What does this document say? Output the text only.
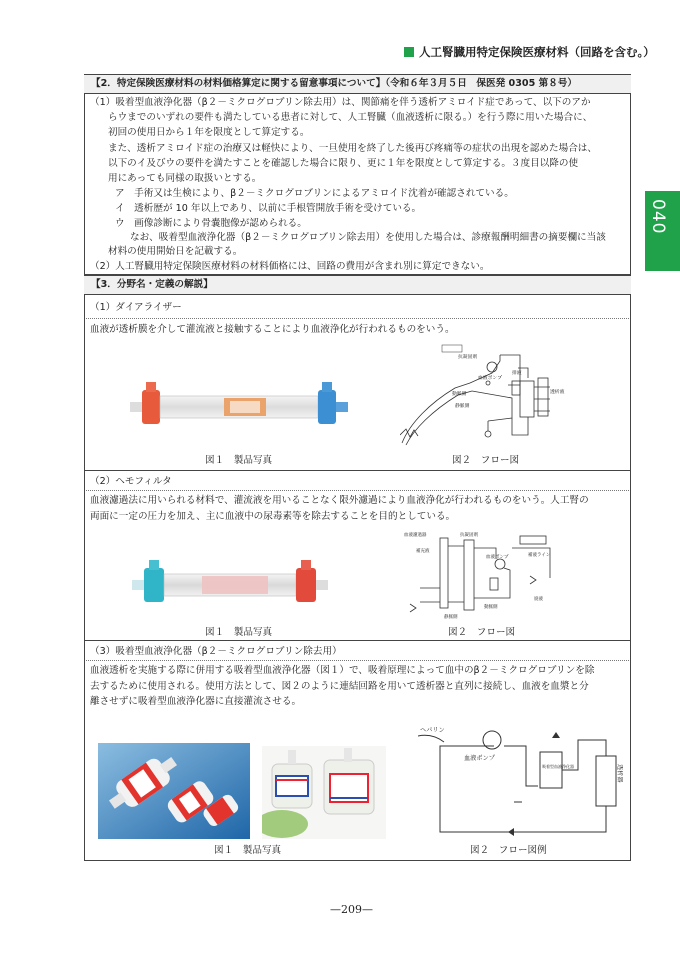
人工腎臓用特定保険医療材料（回路を含む。）
040
【2．特定保険医療材料の材料価格算定に関する留意事項について】（令和６年３月５日　保医発 0305 第８号）
（1）吸着型血液浄化器（β２－ミクログロブリン除去用）は、関節痛を伴う透析アミロイド症であって、以下のアか
らウまでのいずれの要件も満たしている患者に対して、人工腎臓（血液透析に限る。）を行う際に用いた場合に、
初回の使用日から１年を限度として算定する。
また、透析アミロイド症の治療又は軽快により、一旦使用を終了した後再び疼痛等の症状の出現を認めた場合は、
以下のイ及びウの要件を満たすことを確認した場合に限り、更に１年を限度として算定する。３度目以降の使
用にあっても同様の取扱いとする。
ア　手術又は生検により、β２－ミクログロブリンによるアミロイド沈着が確認されている。
イ　透析歴が 10 年以上であり、以前に手根管開放手術を受けている。
ウ　画像診断により骨嚢胞像が認められる。
なお、吸着型血液浄化器（β２－ミクログロブリン除去用）を使用した場合は、診療報酬明細書の摘要欄に当該
材料の使用開始日を記載する。
（2）人工腎臓用特定保険医療材料の材料価格には、回路の費用が含まれ別に算定できない。
【3．分野名・定義の解説】
（1）ダイアライザー
血液が透析膜を介して灌流液と接触することにより血液浄化が行われるものをいう。
図１　製品写真
抗凝固剤
血液ポンプ
動脈側
静脈側
排液
透析液
図２　フロー図
（2）ヘモフィルタ
血液濾過法に用いられる材料で、灌流液を用いることなく限外濾過により血液浄化が行われるものをいう。人工腎の
両面に一定の圧力を加え、主に血液中の尿毒素等を除去することを目的としている。
図１　製品写真
血液濾過器
補充液
抗凝固剤
血液ポンプ	補液ライン
静脈側
動脈側
廃液
図２　フロー図
（3）吸着型血液浄化器（β２－ミクログロブリン除去用）
血液透析を実施する際に併用する吸着型血液浄化器（図１）で、吸着原理によって血中のβ２－ミクログロブリンを除
去するために使用される。使用方法として、図２のように連結回路を用いて透析器と直列に接続し、血液を血漿と分
離させずに吸着型血液浄化器に直接灌流させる。
図１　製品写真
ヘパリン
血液ポンプ
吸着型血液浄化器	透析器
図２　フロー図例
—209—
